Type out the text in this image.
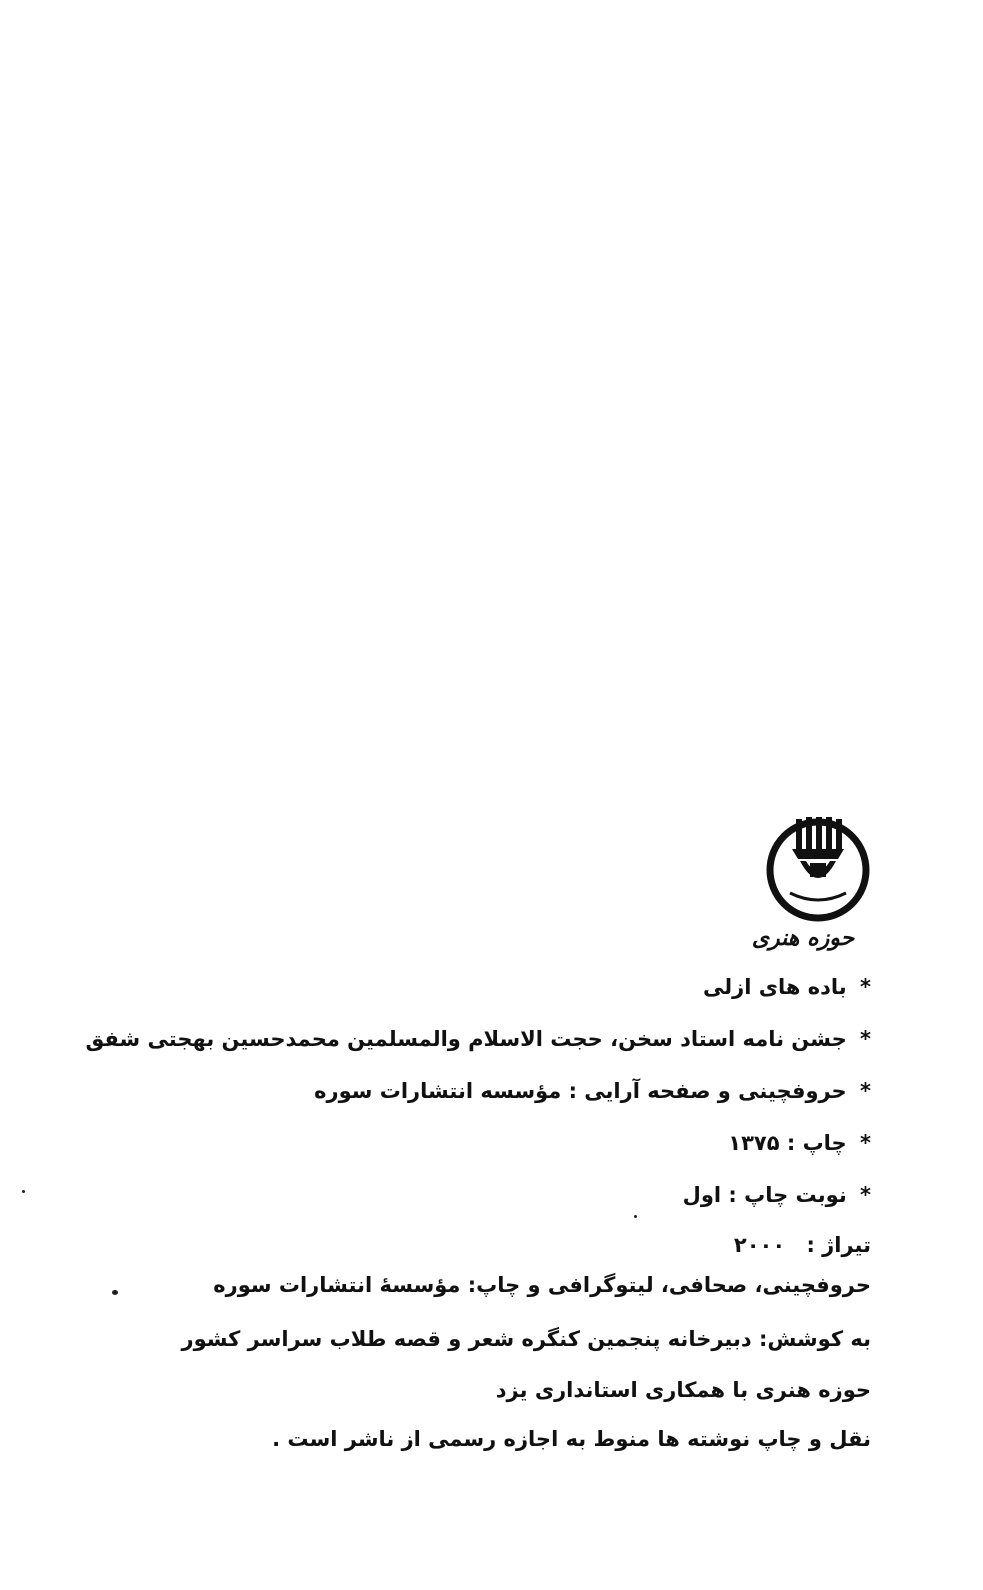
حوزه هنری
* باده های ازلی
* جشن نامه استاد سخن، حجت الاسلام والمسلمین محمدحسین بهجتی شفق
* حروفچینی و صفحه آرایی : مؤسسه انتشارات سوره
* چاپ : ۱۳۷۵
* نوبت چاپ : اول
تیراژ : ۲۰۰۰
حروفچینی، صحافی، لیتوگرافی و چاپ: مؤسسهٔ انتشارات سوره
به کوشش: دبیرخانه پنجمین کنگره شعر و قصه طلاب سراسر کشور
حوزه هنری با همکاری استانداری یزد
نقل و چاپ نوشته ها منوط به اجازه رسمی از ناشر است .
